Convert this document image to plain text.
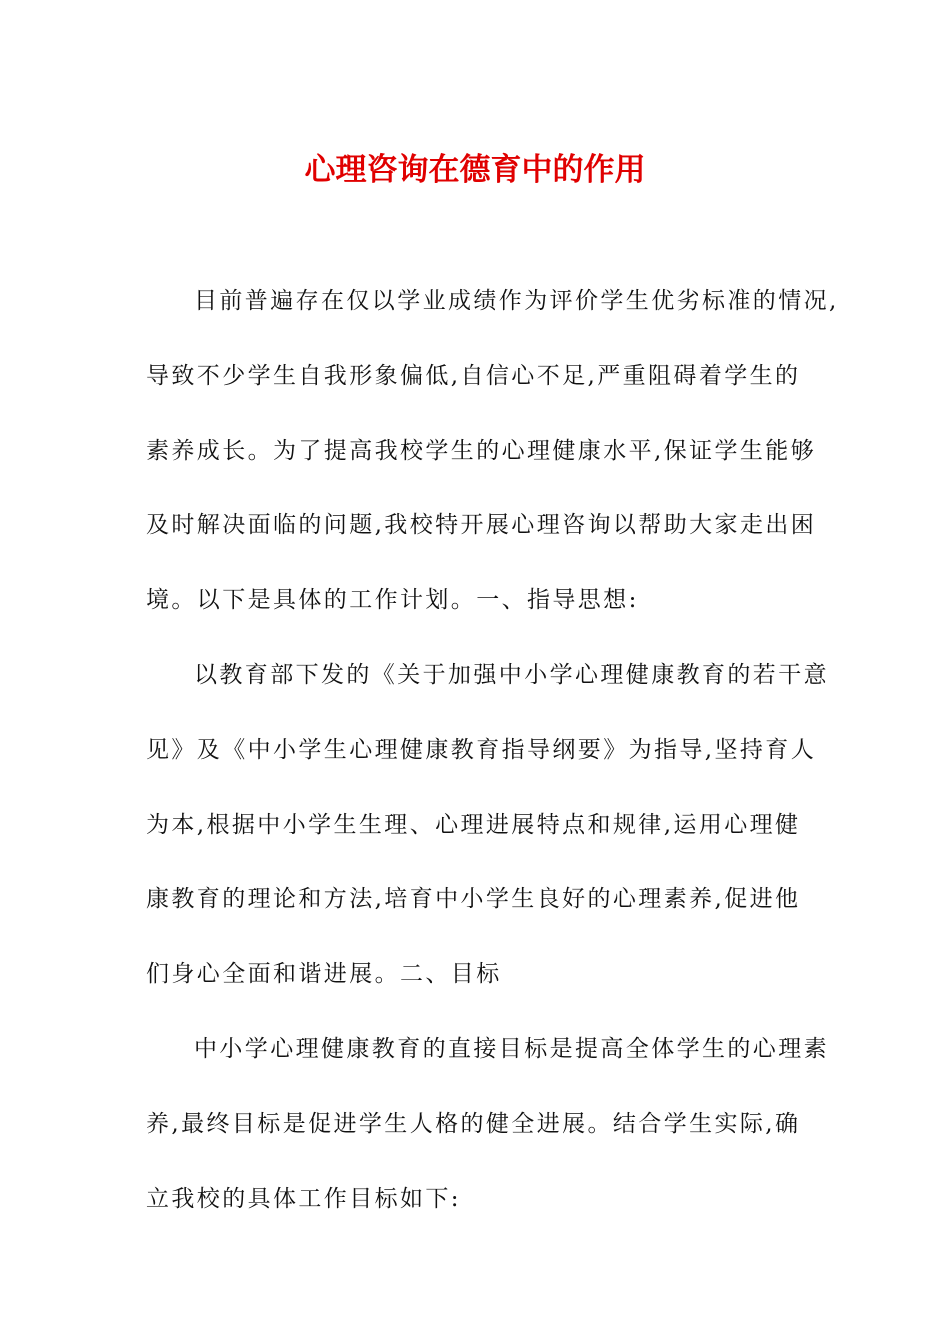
心理咨询在德育中的作用
目前普遍存在仅以学业成绩作为评价学生优劣标准的情况,
导致不少学生自我形象偏低,自信心不足,严重阻碍着学生的
素养成长。为了提高我校学生的心理健康水平,保证学生能够
及时解决面临的问题,我校特开展心理咨询以帮助大家走出困
境。以下是具体的工作计划。一、指导思想:
以教育部下发的《关于加强中小学心理健康教育的若干意
见》及《中小学生心理健康教育指导纲要》为指导,坚持育人
为本,根据中小学生生理、心理进展特点和规律,运用心理健
康教育的理论和方法,培育中小学生良好的心理素养,促进他
们身心全面和谐进展。二、目标
中小学心理健康教育的直接目标是提高全体学生的心理素
养,最终目标是促进学生人格的健全进展。结合学生实际,确
立我校的具体工作目标如下:
